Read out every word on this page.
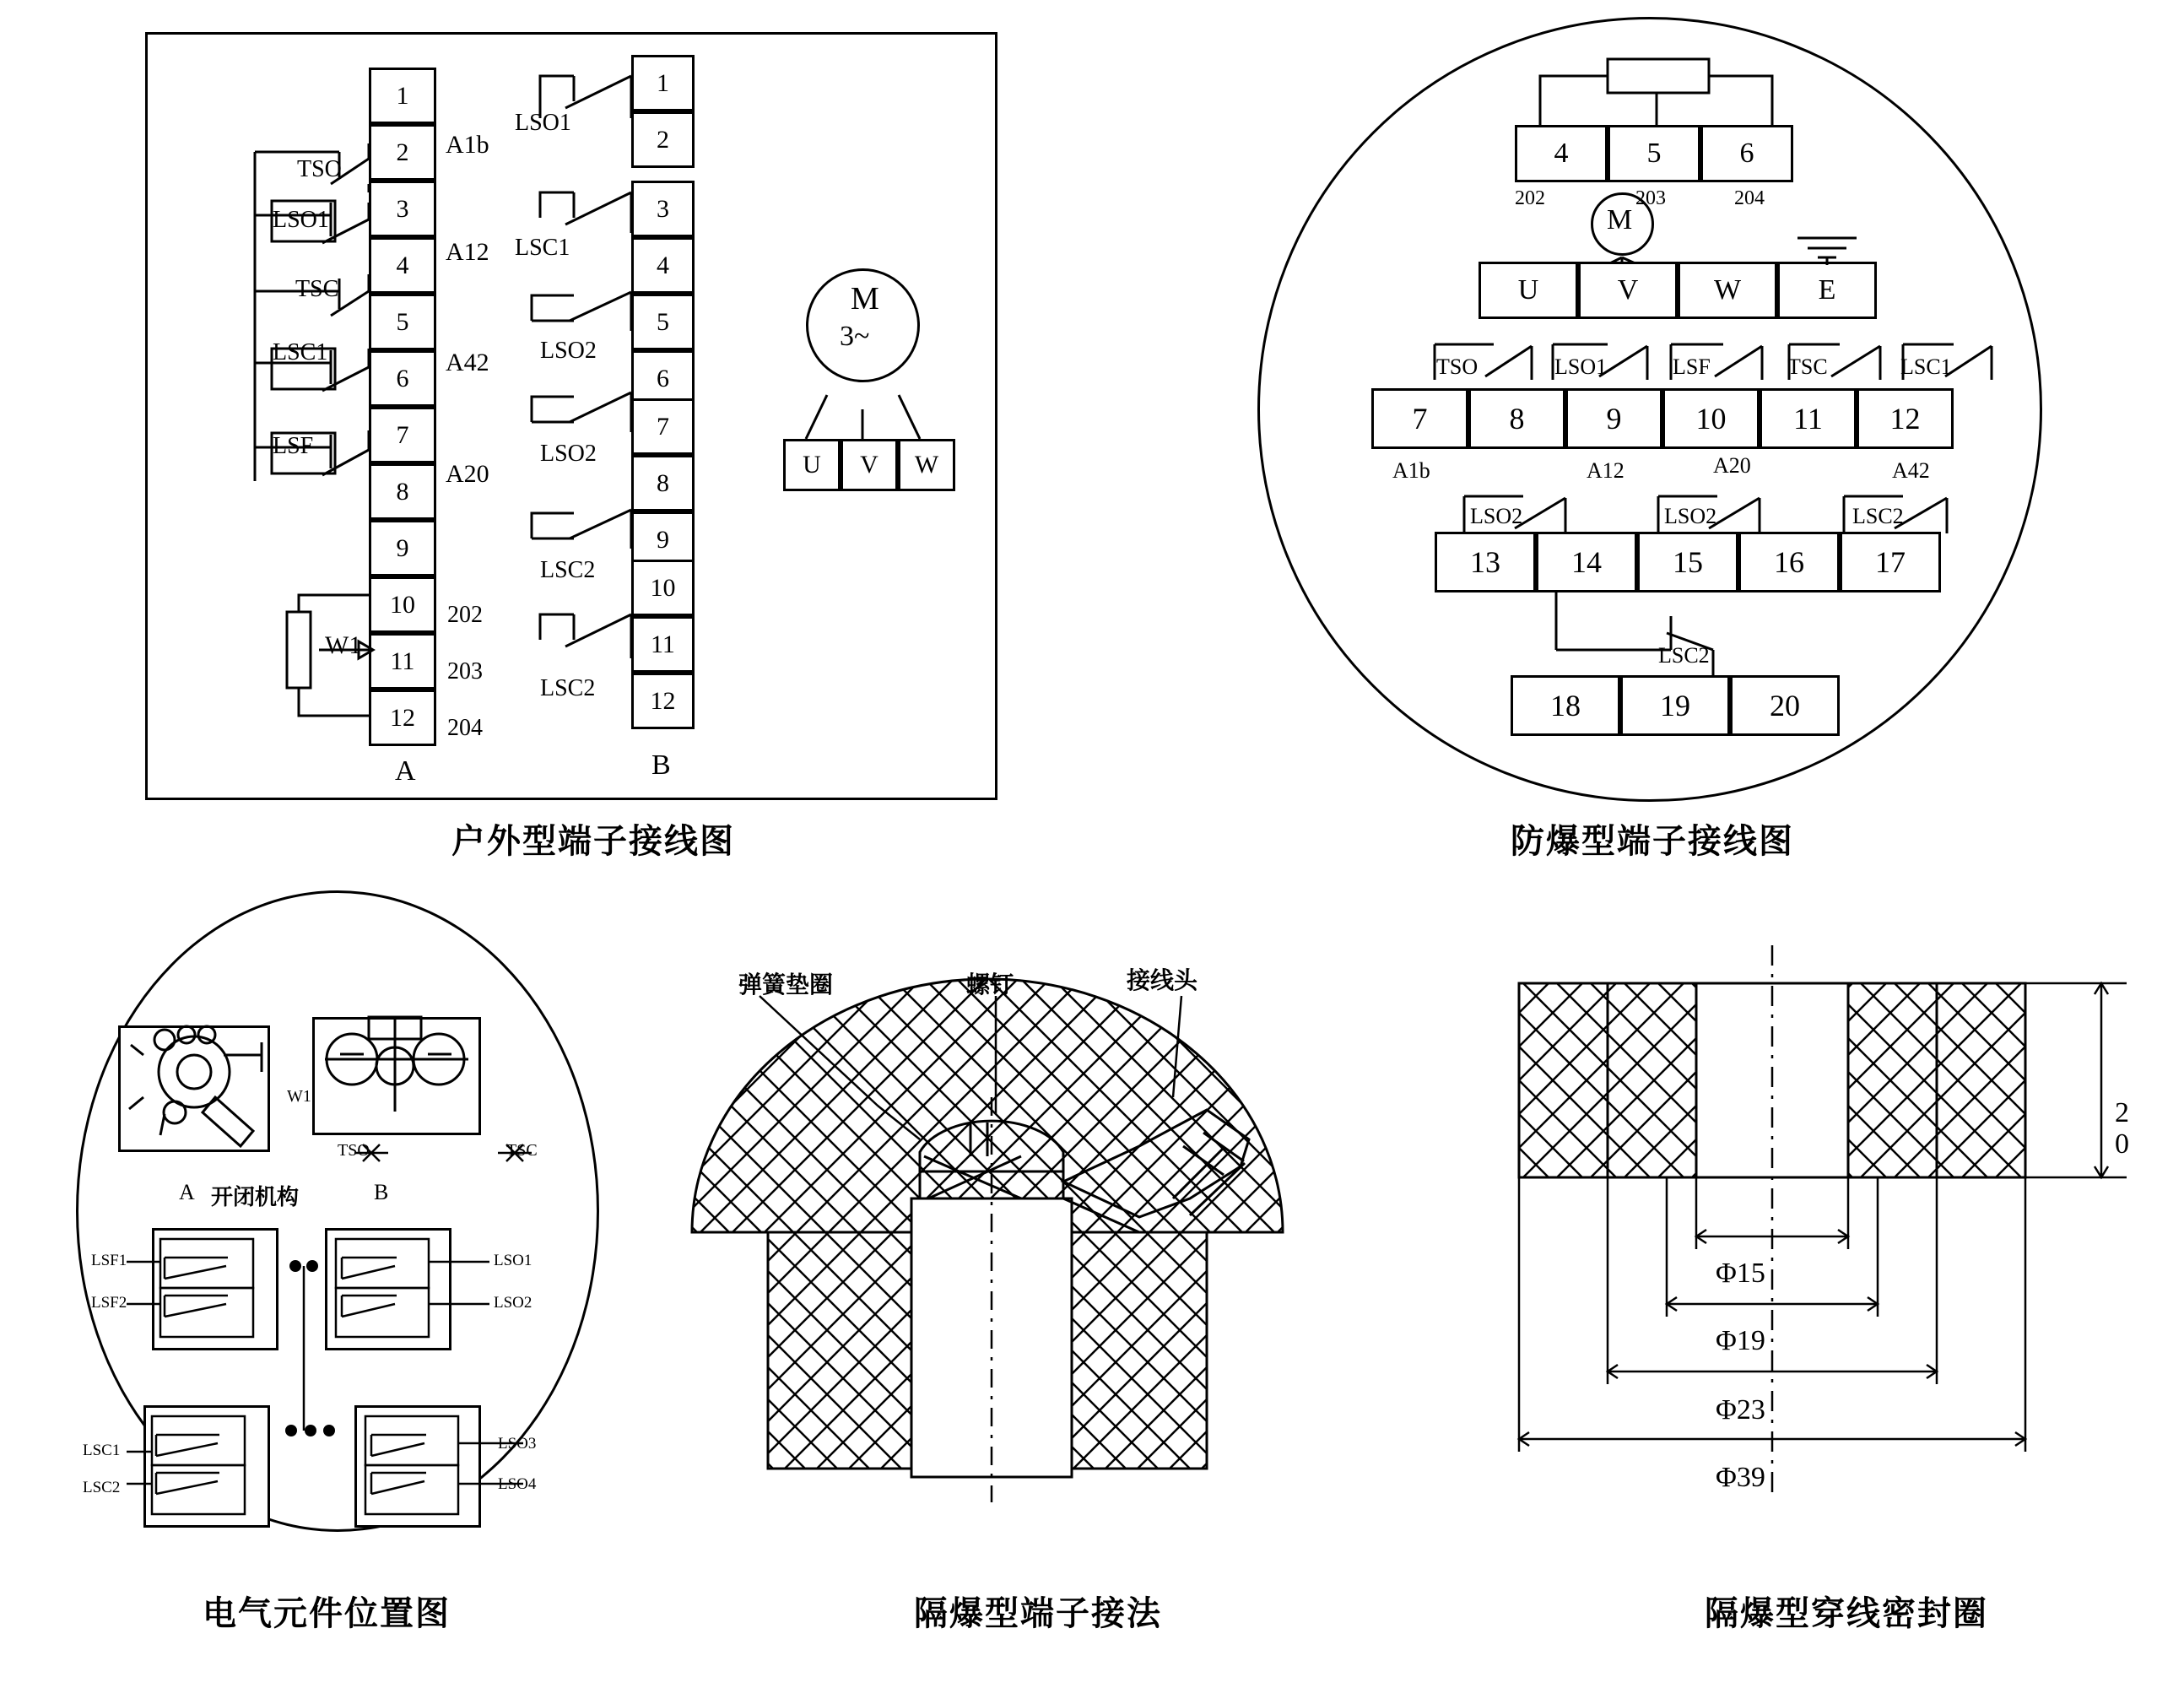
1
2
3
4
5
6
7
8
9
10
11
12
A
1
2
3
4
5
6
7
8
9
10
11
12
B
TSO
LSO1
TSC
LSC1
LSF
A1b
A12
A42
A20
W1
202
203
204
LSO1
LSC1
LSO2
LSO2
LSC2
LSC2
M
3~
U	V	W
户外型端子接线图
4	5	6
202	203	204
M
U	V	W	E
TSO	LSO1	LSF	TSC	LSC1
7	8	9	10	11	12
A1b	A12	A20	A42
LSO2	LSO2	LSC2
13	14	15	16	17
LSC2
18	19	20
防爆型端子接线图
TSO	TSC
W1
开闭机构
A	B
LSF1
LSF2
LSC1
LSC2
LSO1
LSO2
LSO3
LSO4
电气元件位置图
弹簧垫圈	螺钉	接线头
隔爆型端子接法
20
Φ15
Φ19
Φ23
Φ39
隔爆型穿线密封圈
